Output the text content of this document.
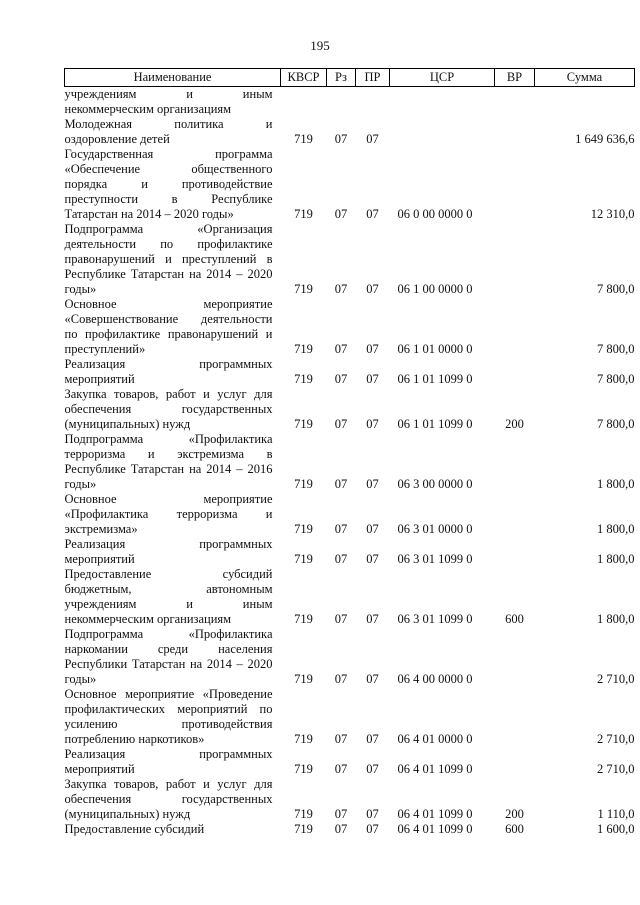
195
Наименование	КВСР	Рз	ПР	ЦСР	ВР	Сумма

учреждениям и иным
некоммерческим организациям						

Молодежная политика и
оздоровление детей	719	07	07			1 649 636,6

Государственная программа
«Обеспечение общественного
порядка и противодействие
преступности в Республике
Татарстан на 2014 – 2020 годы»	719	07	07	06 0 00 0000 0		12 310,0

Подпрограмма «Организация
деятельности по профилактике
правонарушений и преступлений в
Республике Татарстан на 2014 – 2020
годы»	719	07	07	06 1 00 0000 0		7 800,0

Основное мероприятие
«Совершенствование деятельности
по профилактике правонарушений и
преступлений»	719	07	07	06 1 01 0000 0		7 800,0

Реализация программных
мероприятий	719	07	07	06 1 01 1099 0		7 800,0

Закупка товаров, работ и услуг для
обеспечения государственных
(муниципальных) нужд	719	07	07	06 1 01 1099 0	200	7 800,0

Подпрограмма «Профилактика
терроризма и экстремизма в
Республике Татарстан на 2014 – 2016
годы»	719	07	07	06 3 00 0000 0		1 800,0

Основное мероприятие
«Профилактика терроризма и
экстремизма»	719	07	07	06 3 01 0000 0		1 800,0

Реализация программных
мероприятий	719	07	07	06 3 01 1099 0		1 800,0

Предоставление субсидий
бюджетным, автономным
учреждениям и иным
некоммерческим организациям	719	07	07	06 3 01 1099 0	600	1 800,0

Подпрограмма «Профилактика
наркомании среди населения
Республики Татарстан на 2014 – 2020
годы»	719	07	07	06 4 00 0000 0		2 710,0

Основное мероприятие «Проведение
профилактических мероприятий по
усилению противодействия
потреблению наркотиков»	719	07	07	06 4 01 0000 0		2 710,0

Реализация программных
мероприятий	719	07	07	06 4 01 1099 0		2 710,0

Закупка товаров, работ и услуг для
обеспечения государственных
(муниципальных) нужд	719	07	07	06 4 01 1099 0	200	1 110,0

Предоставление субсидий	719	07	07	06 4 01 1099 0	600	1 600,0
